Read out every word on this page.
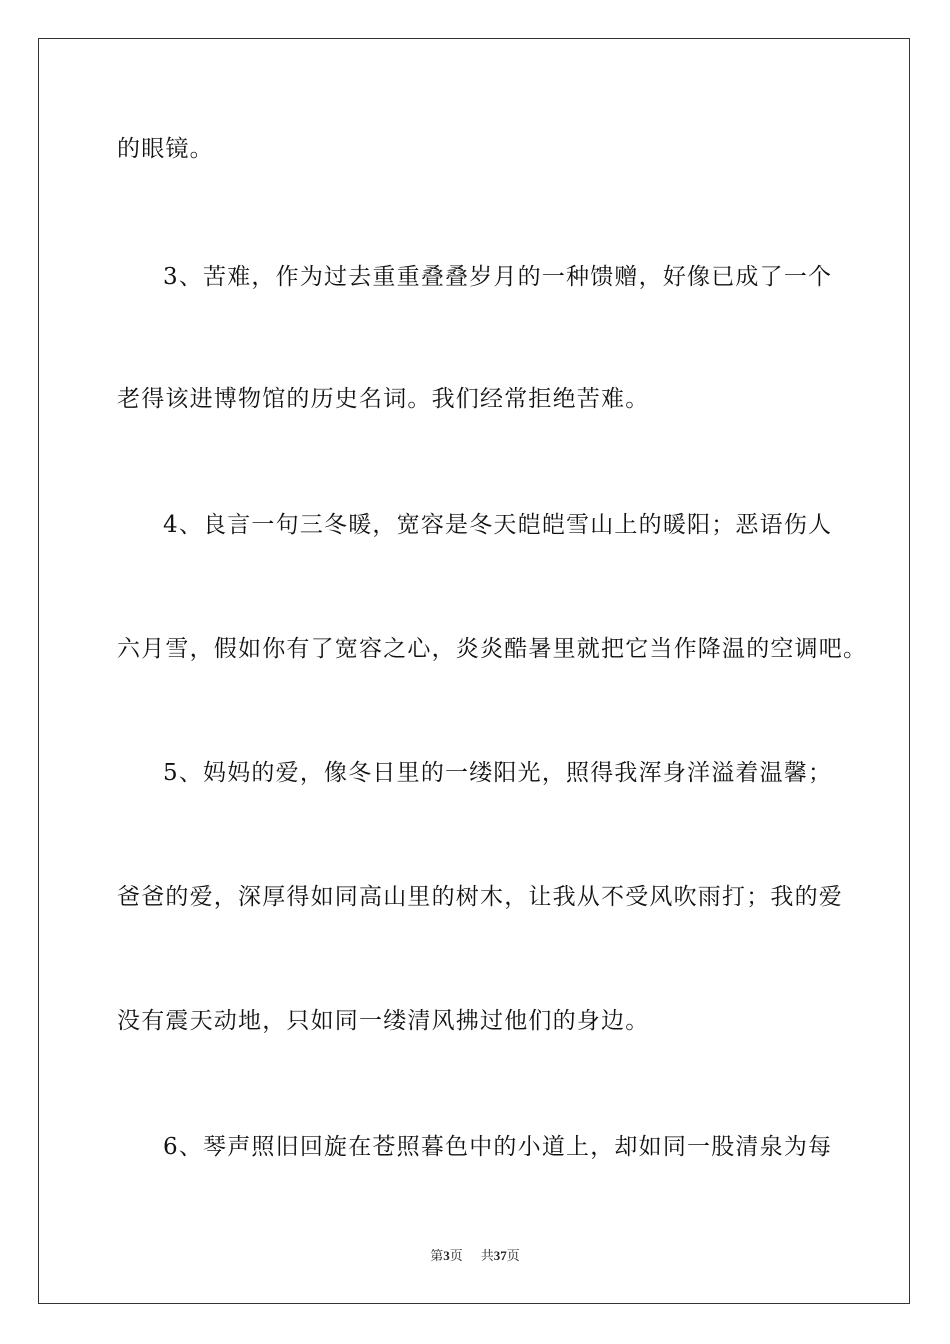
的眼镜。
3、苦难，作为过去重重叠叠岁月的一种馈赠，好像已成了一个
老得该进博物馆的历史名词。我们经常拒绝苦难。
4、良言一句三冬暖，宽容是冬天皑皑雪山上的暖阳；恶语伤人
六月雪，假如你有了宽容之心，炎炎酷暑里就把它当作降温的空调吧。
5、妈妈的爱，像冬日里的一缕阳光，照得我浑身洋溢着温馨；
爸爸的爱，深厚得如同高山里的树木，让我从不受风吹雨打；我的爱
没有震天动地，只如同一缕清风拂过他们的身边。
6、琴声照旧回旋在苍照暮色中的小道上，却如同一股清泉为每
第3页 共37页
